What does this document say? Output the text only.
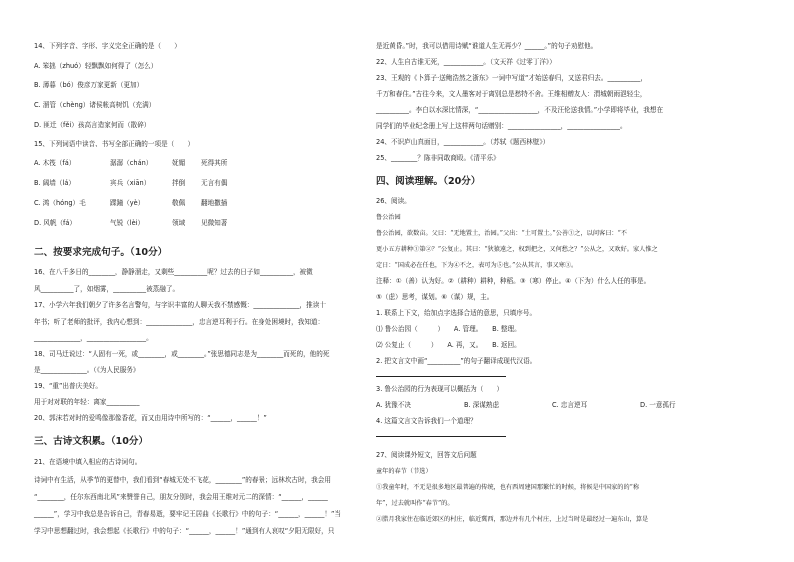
14、下列字音、字形、字义完全正确的是（　　）
A. 笨拙（zhuó）轻飘飘如何得了（怎么）
B. 薄暮（bó）俊彦万家更新（更加）
C. 溜管（chèng）诸侯帐高树饥（充满）
D. 匪迁（fěi）孩高言造家何而（散碎）
15、下列词语中读音、书写全部正确的一项是（　　）
A. 木筏（fá）	潺潺（chán）	妩媚 死得其所
B. 阔墙（lá）	宾兵（xiān）	拌倒 无言有偶
C. 鸿（hóng）毛	蹀蹱（yè）	敬佩 翻地撒插
D. 风帆（fá）	气锐（lèi）	领域 见微知著
二、按要求完成句子。（10分）
16、在八千多日的________，静静溜走，又剩些__________呢？过去的日子如__________，被微
风__________了，如烟雾，__________被蒸融了。
17、小学六年我们朝夕了许多名言警句，与字识丰富的人聊天我不禁感慨：______________，推读十
年书；听了老师的批评，我内心想到：______________，忠言逆耳利于行。在身处困境时，我知道：
______________，__________________。
18、司马迁说过：“人固有一死，或________，或________。”张思德同志是为________而死的，他的死
是______________。（《为人民服务》
19、“重”出普庆美好。
用于对对联的年轻：离家__________
20、郭沫若对时的爱鸣像那像香花，而又由用诗中所写的：“______，______！”
三、古诗文积累。（10分）
21、在语境中填入相应的古诗词句。
诗词中有生活，从季节的更替中，我们看到“春城无处不飞花，________”的春景；远林坎古时，我会用
“________，任尔东西南北风”来赞誉自己，朋友分别时，我会用王维对元二的深情：“______，______
______”，学习中我总是告诉自己，青春易逝，要牢记王居曲《长歌行》中的句子：“______，______！”当
学习中思想翻过时，我会想起《长歌行》中的句子：“______，______！”通到有人哀叹“夕阳无限好，只
是近黄昏。”时，我可以借用诗赋“谁道人生无再少？______。”的句子劝慰他。
22、人生自古谁无死，____________。（文天祥《过零丁洋》）
23、王观的《卜算子·送鲍浩然之浙东》一词中写道“才始送春归，又送君归去。__________，
千万和春住。”古往今来，文人墨客对于离别总是愁特不舍。王维相赠友人：渭城朝雨浥轻尘，
__________。李白以水深比情深，“__________________，不及汪伦送我情。”小学即将毕业，我想在
同学们的毕业纪念册上写上这样两句话赠别：________________，________________。
24、不识庐山真面目，____________。（苏轼《题西林壁》）
25、________？陈非同敢商殴。《清平乐》
四、阅读理解。（20分）
26、阅读。
鲁公治园
鲁公治园，欲数亩。父曰：“无地置土，治园。”父出：“土可置土。”公善①之，以问客曰：“不
更小五方耕种①第②？”公复止。其曰：“狄猿遠之，权到把之，又何愁之？”公从之，又欢好。家人惟之
定日：“国成必在任也，下为④不之，表可为⑤也。”公从其言，事又寒③。
注释：①（善）认为好。②（耕种）耕种，种稻。③（寒）停止。④（下为）什么人任的事是。
⑤（虑）思考，谋划。⑥（谋）规，主。
1. 联系上下文，给加点字选择合适的意思，只填序号。
⑴ 鲁公治园（　　　）　　A. 管理。　　B. 整理。
⑵ 公复止（　　　）　　A. 再，又。　　B. 返回。
2. 把文言文中画“__________”的句子翻译成现代汉语。
3. 鲁公治园的行为表现可以概括为（　　）
A. 犹豫不决	B. 深谋熟虑	C. 忠言逆耳	D. 一意孤行
4. 这篇文言文告诉我们一个道理？
27、阅读课外短文，回答文后问题
童年的春节（节选）
①我童年时，不无是很多地区最普遍的传统，也有西周建国那繁忙的时候，将候是中国家的的“称
年”，过去就叫作“春节”的。
②腊月我家住在临近郊区的村庄，临近冀西，那边并有几个村庄，上过当时是最经过一遍东山，算是
